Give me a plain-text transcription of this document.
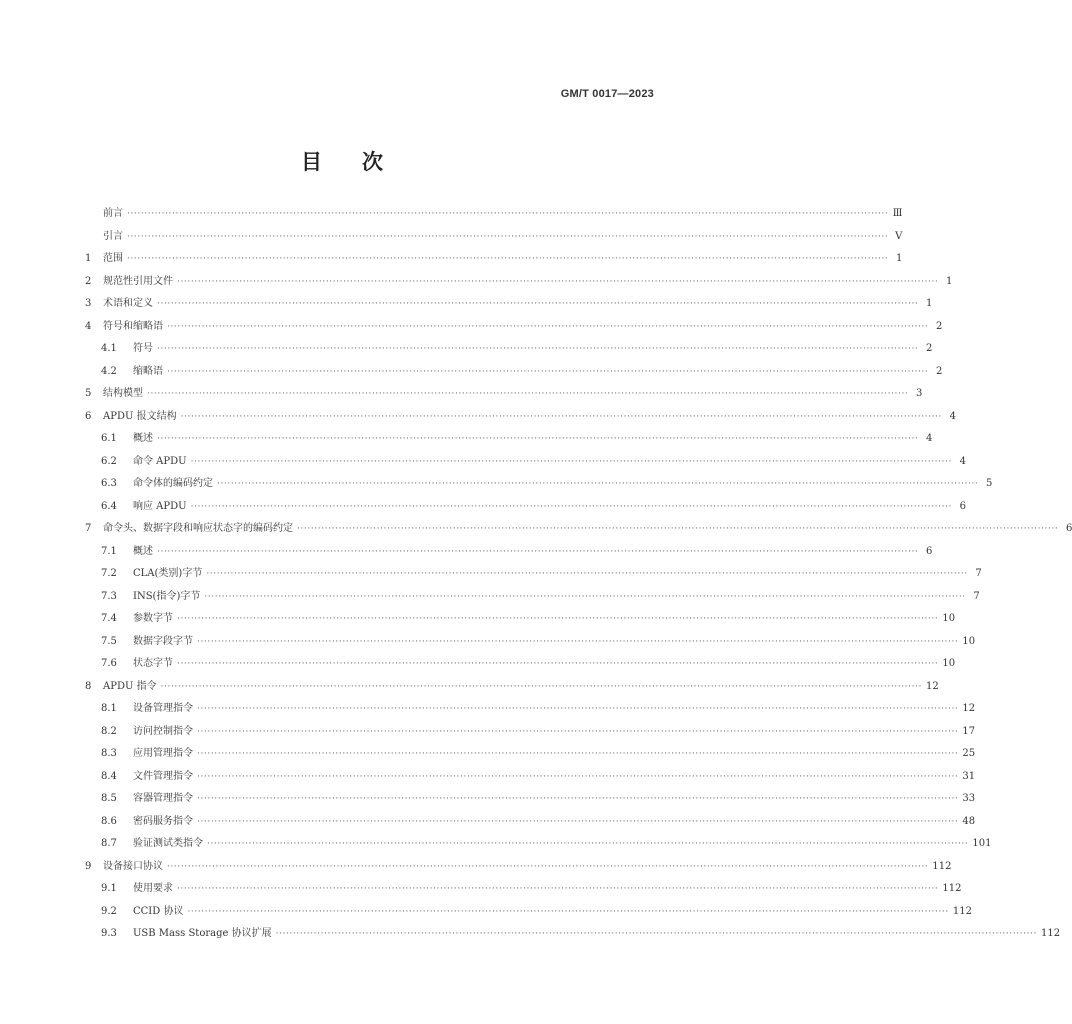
GM/T 0017—2023
目次
前言 ···························································································································································································································· Ⅲ
引言 ···························································································································································································································· Ⅴ
1	范围 ···························································································································································································································· 1
2	规范性引用文件 ···························································································································································································································· 1
3	术语和定义 ···························································································································································································································· 1
4	符号和缩略语 ···························································································································································································································· 2
4.1	符号 ···························································································································································································································· 2
4.2	缩略语 ···························································································································································································································· 2
5	结构模型 ···························································································································································································································· 3
6	APDU 报文结构 ···························································································································································································································· 4
6.1	概述 ···························································································································································································································· 4
6.2	命令 APDU ···························································································································································································································· 4
6.3	命令体的编码约定 ···························································································································································································································· 5
6.4	响应 APDU ···························································································································································································································· 6
7	命令头、数据字段和响应状态字的编码约定 ···························································································································································································································· 6
7.1	概述 ···························································································································································································································· 6
7.2	CLA(类别)字节 ···························································································································································································································· 7
7.3	INS(指令)字节 ···························································································································································································································· 7
7.4	参数字节 ···························································································································································································································· 10
7.5	数据字段字节 ···························································································································································································································· 10
7.6	状态字节 ···························································································································································································································· 10
8	APDU 指令 ···························································································································································································································· 12
8.1	设备管理指令 ···························································································································································································································· 12
8.2	访问控制指令 ···························································································································································································································· 17
8.3	应用管理指令 ···························································································································································································································· 25
8.4	文件管理指令 ···························································································································································································································· 31
8.5	容器管理指令 ···························································································································································································································· 33
8.6	密码服务指令 ···························································································································································································································· 48
8.7	验证测试类指令 ···························································································································································································································· 101
9	设备接口协议 ···························································································································································································································· 112
9.1	使用要求 ···························································································································································································································· 112
9.2	CCID 协议 ···························································································································································································································· 112
9.3	USB Mass Storage 协议扩展 ···························································································································································································································· 112
